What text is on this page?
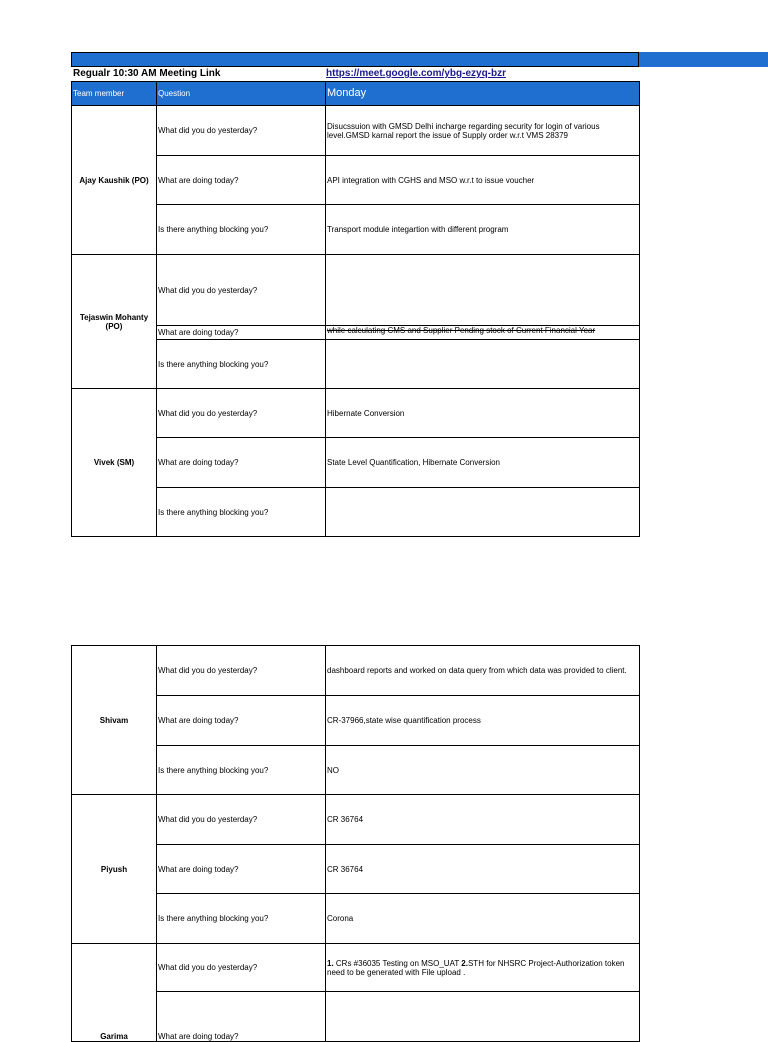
Regualr 10:30 AM Meeting Link	https://meet.google.com/ybg-ezyq-bzr
Team member	Question	Monday
Ajay Kaushik (PO)	What did you do yesterday?	Disucssuion with GMSD Delhi incharge regarding security for login of various level.GMSD karnal report the issue of Supply order w.r.t VMS 28379
	What are doing today?	API integration with CGHS and MSO w.r.t to issue voucher
	Is there anything blocking you?	Transport module integartion with different program
Tejaswin Mohanty (PO)	What did you do yesterday?	
	What are doing today?	while calculating CMS and Supplier Pending stock of Current Financial Year
	Is there anything blocking you?	
Vivek (SM)	What did you do yesterday?	Hibernate Conversion
	What are doing today?	State Level Quantification, Hibernate Conversion
	Is there anything blocking you?	
Shivam	What did you do yesterday?	dashboard reports and worked on data query from which data was provided to client.
	What are doing today?	CR-37966,state wise quantification process
	Is there anything blocking you?	NO
Piyush	What did you do yesterday?	CR 36764
	What are doing today?	CR 36764
	Is there anything blocking you?	Corona
Garima	What did you do yesterday?	1. CRs #36035 Testing on MSO_UAT 2.STH for NHSRC Project-Authorization token need to be generated with File upload .
	What are doing today?	
